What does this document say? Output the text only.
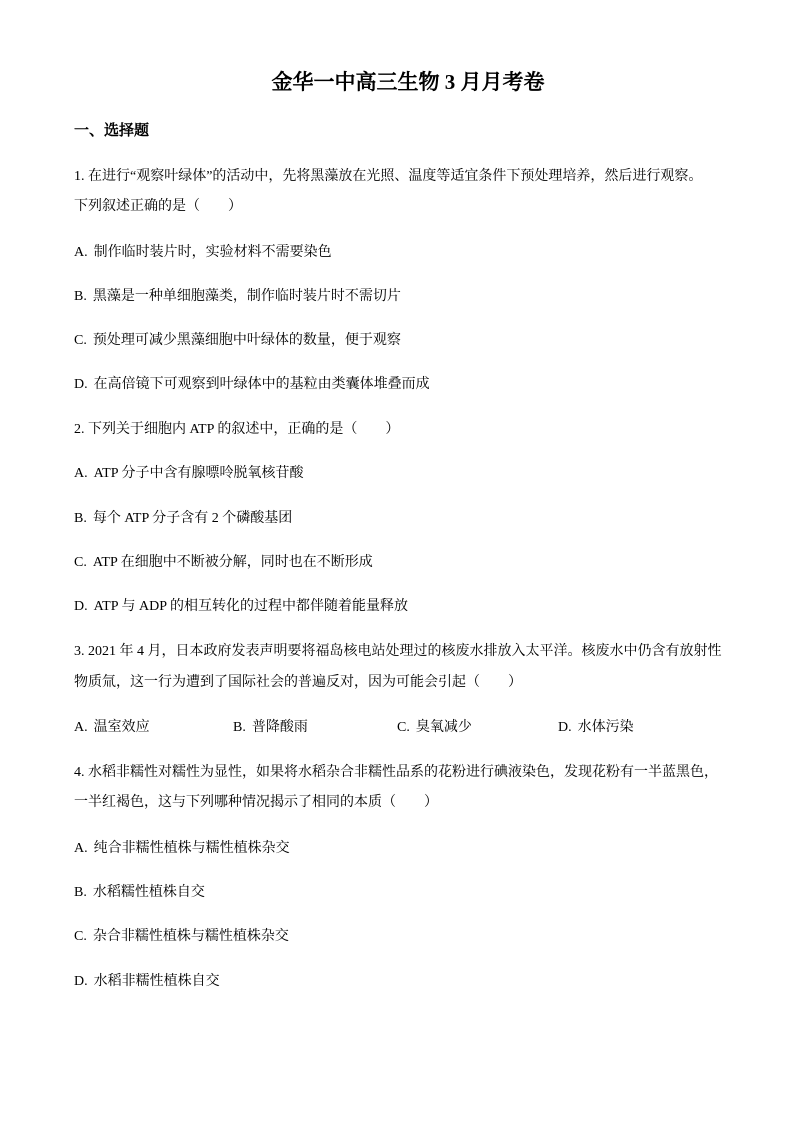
金华一中高三生物 3 月月考卷
一、选择题
1. 在进行“观察叶绿体”的活动中，先将黑藻放在光照、温度等适宜条件下预处理培养，然后进行观察。
下列叙述正确的是（　　）
A. 制作临时装片时，实验材料不需要染色
B. 黑藻是一种单细胞藻类，制作临时装片时不需切片
C. 预处理可减少黑藻细胞中叶绿体的数量，便于观察
D. 在高倍镜下可观察到叶绿体中的基粒由类囊体堆叠而成
2. 下列关于细胞内 ATP 的叙述中，正确的是（　　）
A. ATP 分子中含有腺嘌呤脱氧核苷酸
B. 每个 ATP 分子含有 2 个磷酸基团
C. ATP 在细胞中不断被分解，同时也在不断形成
D. ATP 与 ADP 的相互转化的过程中都伴随着能量释放
3. 2021 年 4 月，日本政府发表声明要将福岛核电站处理过的核废水排放入太平洋。核废水中仍含有放射性
物质氚，这一行为遭到了国际社会的普遍反对，因为可能会引起（　　）
A. 温室效应	B. 普降酸雨	C. 臭氧减少	D. 水体污染
4. 水稻非糯性对糯性为显性，如果将水稻杂合非糯性品系的花粉进行碘液染色，发现花粉有一半蓝黑色，
一半红褐色，这与下列哪种情况揭示了相同的本质（　　）
A. 纯合非糯性植株与糯性植株杂交
B. 水稻糯性植株自交
C. 杂合非糯性植株与糯性植株杂交
D. 水稻非糯性植株自交
